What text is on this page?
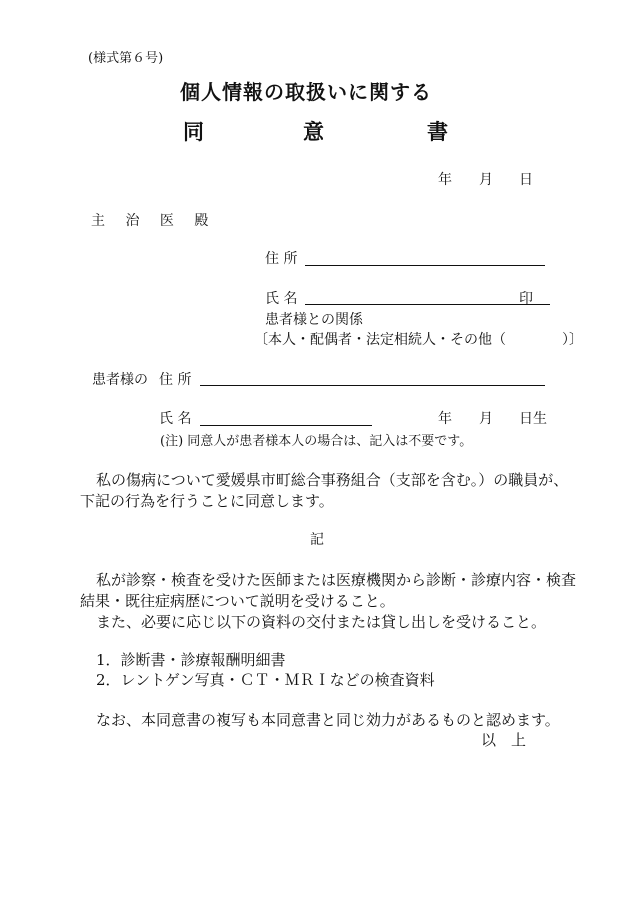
(様式第６号)
個人情報の取扱いに関する
同	意	書
年 月 日
主 治 医 殿
住 所
氏 名	印
患者様との関係
〔本人・配偶者・法定相続人・その他（　　　　）〕
患者様の 住 所
氏 名	年 月 日生
(注) 同意人が患者様本人の場合は、記入は不要です。
私の傷病について愛媛県市町総合事務組合（支部を含む。）の職員が、
下記の行為を行うことに同意します。
記
私が診察・検査を受けた医師または医療機関から診断・診療内容・検査
結果・既往症病歴について説明を受けること。
また、必要に応じ以下の資料の交付または貸し出しを受けること。
1．診断書・診療報酬明細書
2．レントゲン写真・ＣＴ・ＭＲＩなどの検査資料
なお、本同意書の複写も本同意書と同じ効力があるものと認めます。
以　上
